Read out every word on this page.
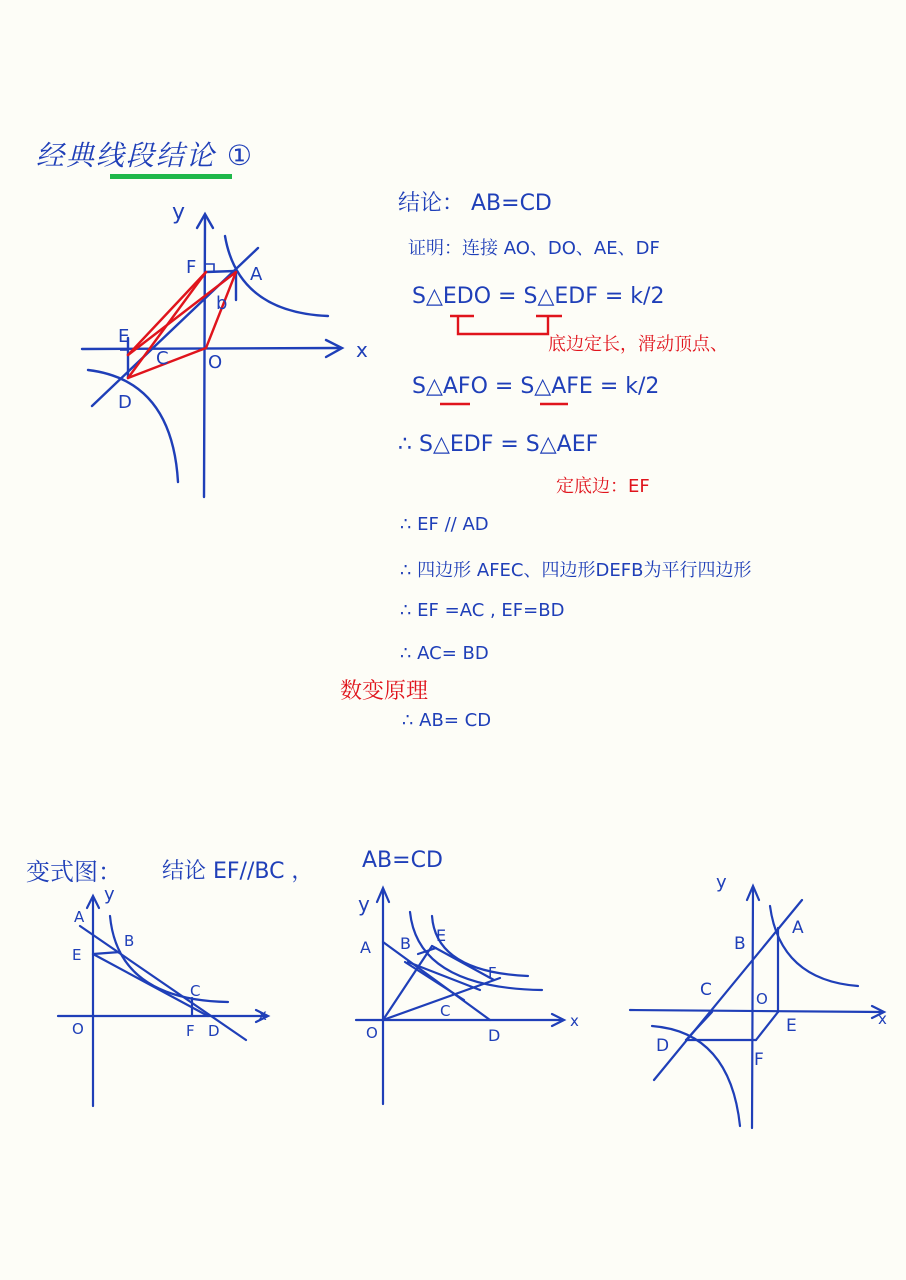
经典线段结论 ①
y
x
F	A
b
E
C O
D
结论： AB=CD
证明：连接 AO、DO、AE、DF
S△EDO = S△EDF = k/2
底边定长，滑动顶点、
S△AFO = S△AFE = k/2
∴ S△EDF = S△AEF
定底边：EF
∴ EF // AD
∴ 四边形 AFEC、四边形DEFB为平行四边形
∴ EF =AC , EF=BD
∴ AC= BD
数变原理
∴ AB= CD
变式图： 结论 EF//BC ， AB=CD
y
A
B
E
C
O	F D
x
y
A B E
F
C
O	D
x
y
A
B
C	O
E
D
F
x
